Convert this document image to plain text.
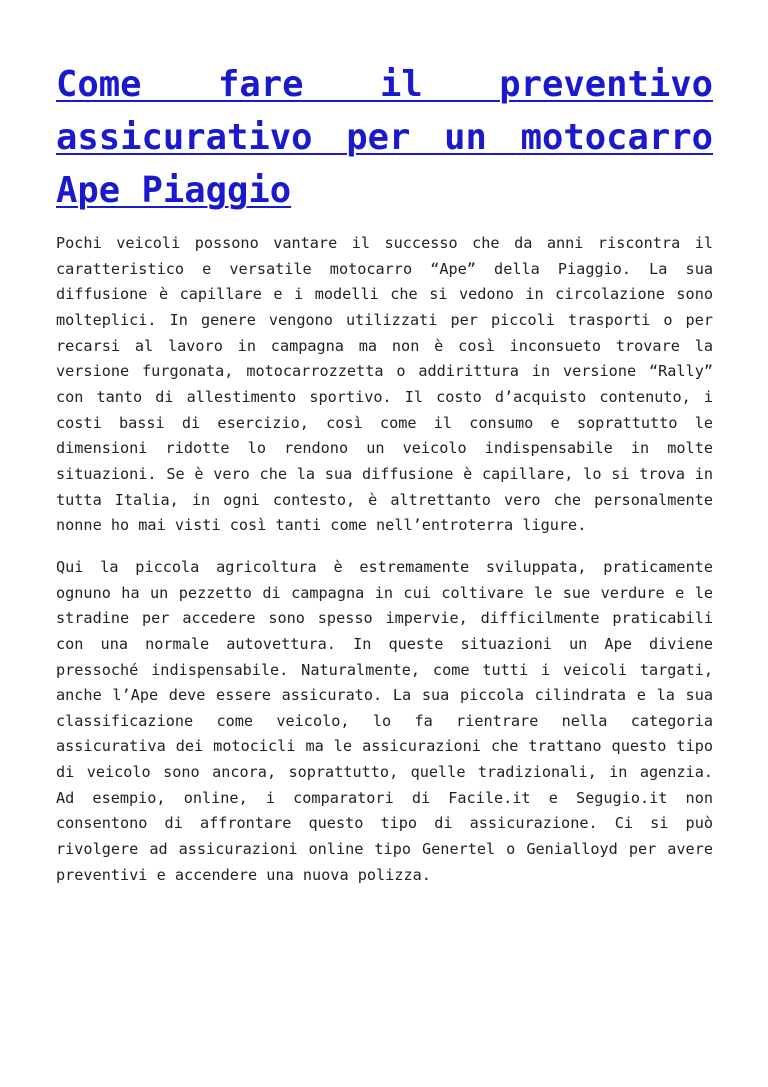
Come fare il preventivo assicurativo per un motocarro Ape Piaggio

Pochi veicoli possono vantare il successo che da anni riscontra il caratteristico e versatile motocarro “Ape” della Piaggio. La sua diffusione è capillare e i modelli che si vedono in circolazione sono molteplici. In genere vengono utilizzati per piccoli trasporti o per recarsi al lavoro in campagna ma non è così inconsueto trovare la versione furgonata, motocarrozzetta o addirittura in versione “Rally” con tanto di allestimento sportivo. Il costo d’acquisto contenuto, i costi bassi di esercizio, così come il consumo e soprattutto le dimensioni ridotte lo rendono un veicolo indispensabile in molte situazioni. Se è vero che la sua diffusione è capillare, lo si trova in tutta Italia, in ogni contesto, è altrettanto vero che personalmente nonne ho mai visti così tanti come nell’entroterra ligure.

Qui la piccola agricoltura è estremamente sviluppata, praticamente ognuno ha un pezzetto di campagna in cui coltivare le sue verdure e le stradine per accedere sono spesso impervie, difficilmente praticabili con una normale autovettura. In queste situazioni un Ape diviene pressoché indispensabile. Naturalmente, come tutti i veicoli targati, anche l’Ape deve essere assicurato. La sua piccola cilindrata e la sua classificazione come veicolo, lo fa rientrare nella categoria assicurativa dei motocicli ma le assicurazioni che trattano questo tipo di veicolo sono ancora, soprattutto, quelle tradizionali, in agenzia. Ad esempio, online, i comparatori di Facile.it e Segugio.it non consentono di affrontare questo tipo di assicurazione. Ci si può rivolgere ad assicurazioni online tipo Genertel o Genialloyd per avere preventivi e accendere una nuova polizza.
